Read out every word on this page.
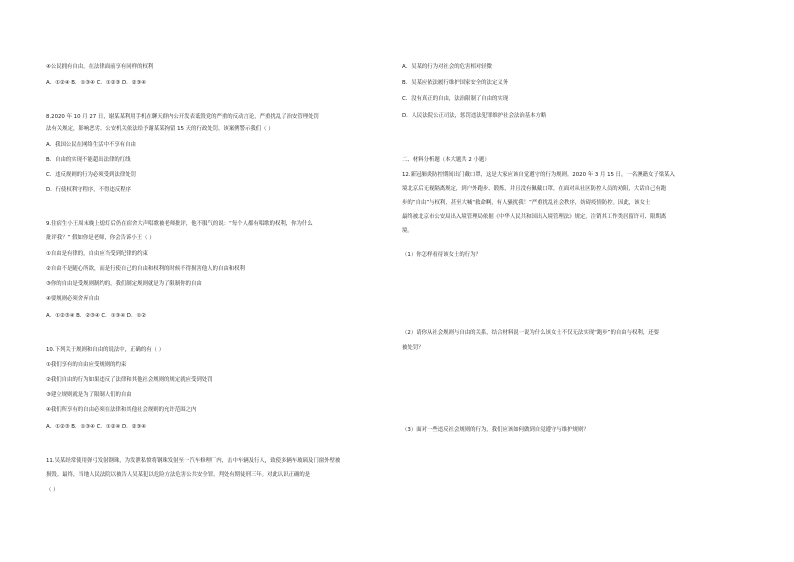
④公民拥有自由，在法律面前享有同样的权利
A．①②④ B．①③④ C．①②③ D．②③④
8.2020 年 10 月 27 日，谢某某利用手机在聊天群内公开发表诋毁党的严重的反动言论，严重扰乱了治安管理处罚
法有关规定，影响恶劣。公安机关依法给予谢某某拘留 15 天的行政处罚。该案例警示我们（ ）
A．我国公民在网络生活中不享有自由
B．自由的实现不能超出法律的红线
C．违反规则的行为必须受到法律处罚
D．行使权利守程序，不得违反程序
9.住宿生小王周末晚上熄灯后仍在宿舍大声唱歌被老师批评，他不服气的说：“每个人都有唱歌的权利，你为什么
批评我？” 假如你是老师，你会告诉小王（ ）
①自由是有律的，自由应当受到纪律的约束
②自由不是随心所欲，而是行使自己的自由和权利的时候不得损害他人的自由和权利
③你的自由是受规则制约的，我们制定规则就是为了限制你的自由
④要规则必须舍弃自由
A．①②③④ B．②③④ C．①③④ D．①②
10.下列关于规则和自由的说法中，正确的有（ ）
①我们享有的自由应受规则的约束
②我们自由的行为如果违反了法律和其他社会规则的规定就应受到处罚
③建立规则就是为了限制人们的自由
④我们所享有的自由必须在法律和其他社会规则的允许范围之内
A．①②③ B．①③④ C．①②④ D．②③④
11.吴某经常使用弹弓发射钢珠，为发泄私愤将钢珠发射至一汽车修理厂内，击中车辆及行人，致使多辆车玻璃及门窗外壁被
损毁。最终，当地人民法院以被告人吴某犯以危险方法危害公共安全罪，判处有期徒刑三年。对此认识正确的是
（ ）
A．吴某的行为对社会的危害相对轻微
B．吴某应依法履行维护国家安全的法定义务
C．没有真正的自由，法治限制了自由的实现
D．人民法院公正司法，惩罚违法犯罪维护社会法治基本方略
二、材料分析题（本大题共 2 小题）
12.新冠肺炎防控期间出门戴口罩，这是大家应该自觉遵守的行为规则。2020 年 3 月 15 日，一名澳籍女子梁某入
境北京后无视隔离规定，到户外跑步、锻炼，并且没有佩戴口罩，在面对从社区防控人员的劝阻，大话自己有跑
步的“自由”与权利，甚至大喊“救命啊，有人骚扰我！”严重扰乱社会秩序，妨碍疫情防控。因此，该女士
最终被北京市公安局出入境管理局依据《中华人民共和国出入境管理法》规定，注销其工作类居留许可、限期离
境。
（1）你怎样看待该女士的行为？
（2）请你从社会规则与自由的关系，结合材料说一说为什么该女士不仅无法实现“跑步”的自由与权利，还要
被处罚？
（3）面对一些违反社会规则的行为，我们应该如何做到自觉遵守与维护规则？
